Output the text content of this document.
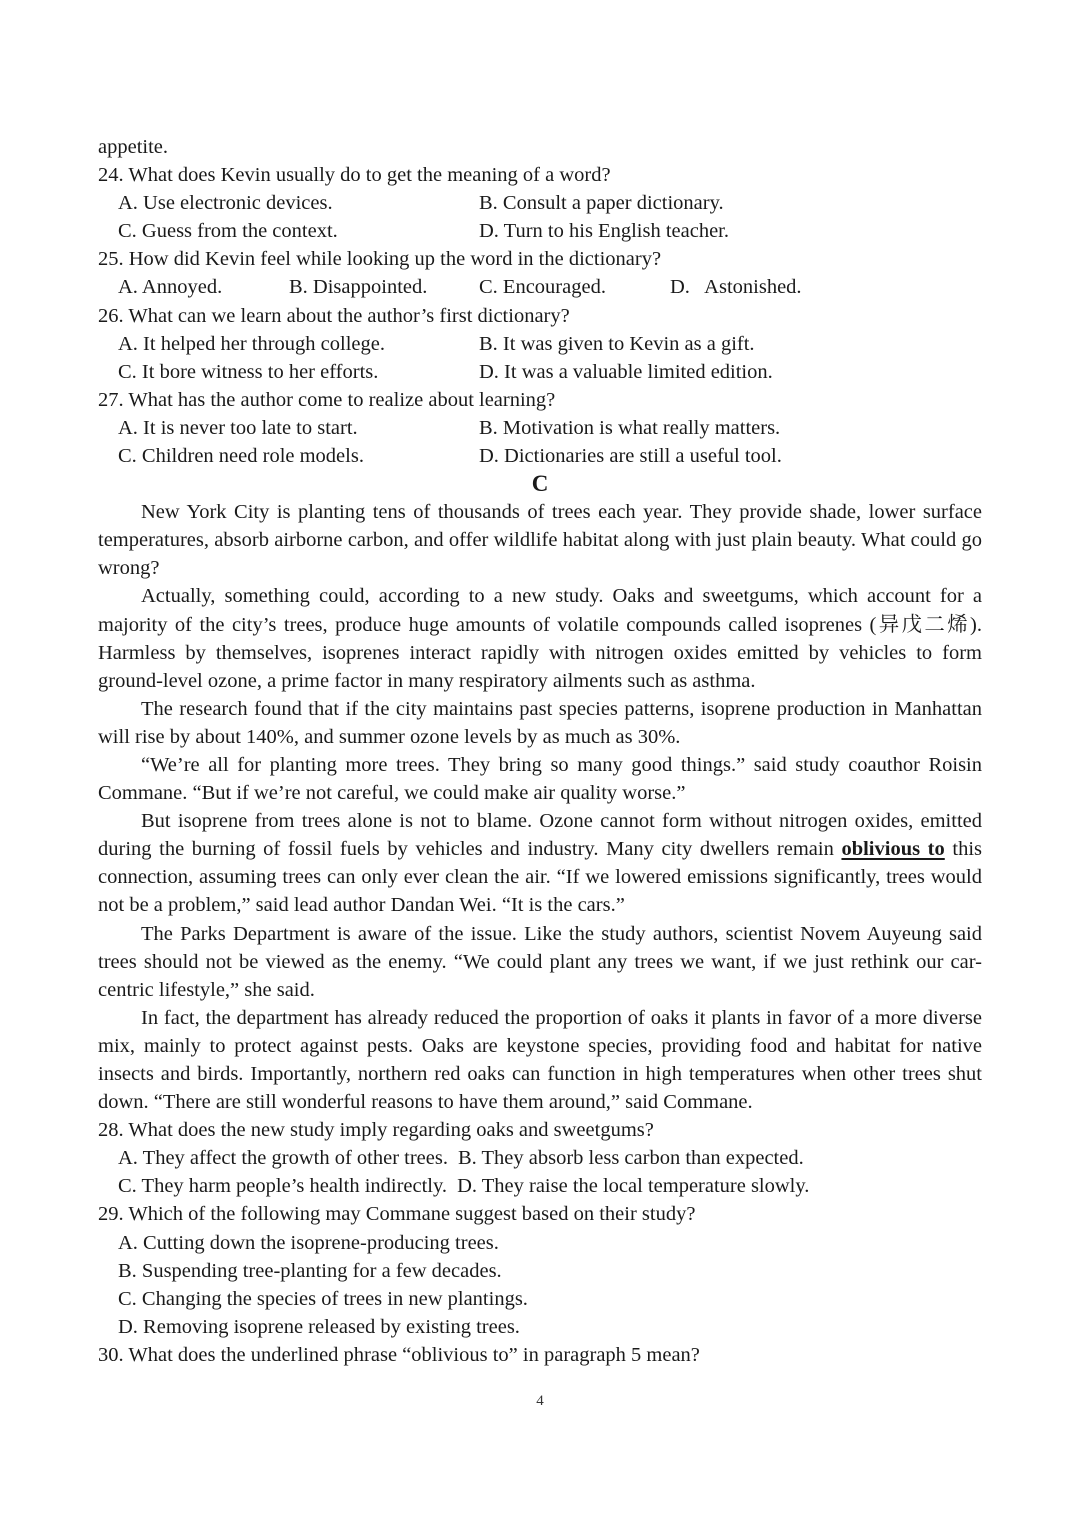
appetite.
24. What does Kevin usually do to get the meaning of a word?
A. Use electronic devices.	B. Consult a paper dictionary.
C. Guess from the context.	D. Turn to his English teacher.
25. How did Kevin feel while looking up the word in the dictionary?
A. Annoyed.	B. Disappointed.	C. Encouraged.	D.   Astonished.
26. What can we learn about the author’s first dictionary?
A. It helped her through college.	B. It was given to Kevin as a gift.
C. It bore witness to her efforts.	D. It was a valuable limited edition.
27. What has the author come to realize about learning?
A. It is never too late to start.	B. Motivation is what really matters.
C. Children need role models.	D. Dictionaries are still a useful tool.
C
New York City is planting tens of thousands of trees each year. They provide shade, lower surface temperatures, absorb airborne carbon, and offer wildlife habitat along with just plain beauty. What could go wrong?
Actually, something could, according to a new study. Oaks and sweetgums, which account for a majority of the city’s trees, produce huge amounts of volatile compounds called isoprenes (异戊二烯). Harmless by themselves, isoprenes interact rapidly with nitrogen oxides emitted by vehicles to form ground-level ozone, a prime factor in many respiratory ailments such as asthma.
The research found that if the city maintains past species patterns, isoprene production in Manhattan will rise by about 140%, and summer ozone levels by as much as 30%.
“We’re all for planting more trees. They bring so many good things.” said study coauthor Roisin Commane. “But if we’re not careful, we could make air quality worse.”
But isoprene from trees alone is not to blame. Ozone cannot form without nitrogen oxides, emitted during the burning of fossil fuels by vehicles and industry. Many city dwellers remain oblivious to this connection, assuming trees can only ever clean the air. “If we lowered emissions significantly, trees would not be a problem,” said lead author Dandan Wei. “It is the cars.”
The Parks Department is aware of the issue. Like the study authors, scientist Novem Auyeung said trees should not be viewed as the enemy. “We could plant any trees we want, if we just rethink our car-centric lifestyle,” she said.
In fact, the department has already reduced the proportion of oaks it plants in favor of a more diverse mix, mainly to protect against pests. Oaks are keystone species, providing food and habitat for native insects and birds. Importantly, northern red oaks can function in high temperatures when other trees shut down. “There are still wonderful reasons to have them around,” said Commane.
28. What does the new study imply regarding oaks and sweetgums?
A. They affect the growth of other trees. B. They absorb less carbon than expected.
C. They harm people’s health indirectly. D. They raise the local temperature slowly.
29. Which of the following may Commane suggest based on their study?
A. Cutting down the isoprene-producing trees.
B. Suspending tree-planting for a few decades.
C. Changing the species of trees in new plantings.
D. Removing isoprene released by existing trees.
30. What does the underlined phrase “oblivious to” in paragraph 5 mean?
4
